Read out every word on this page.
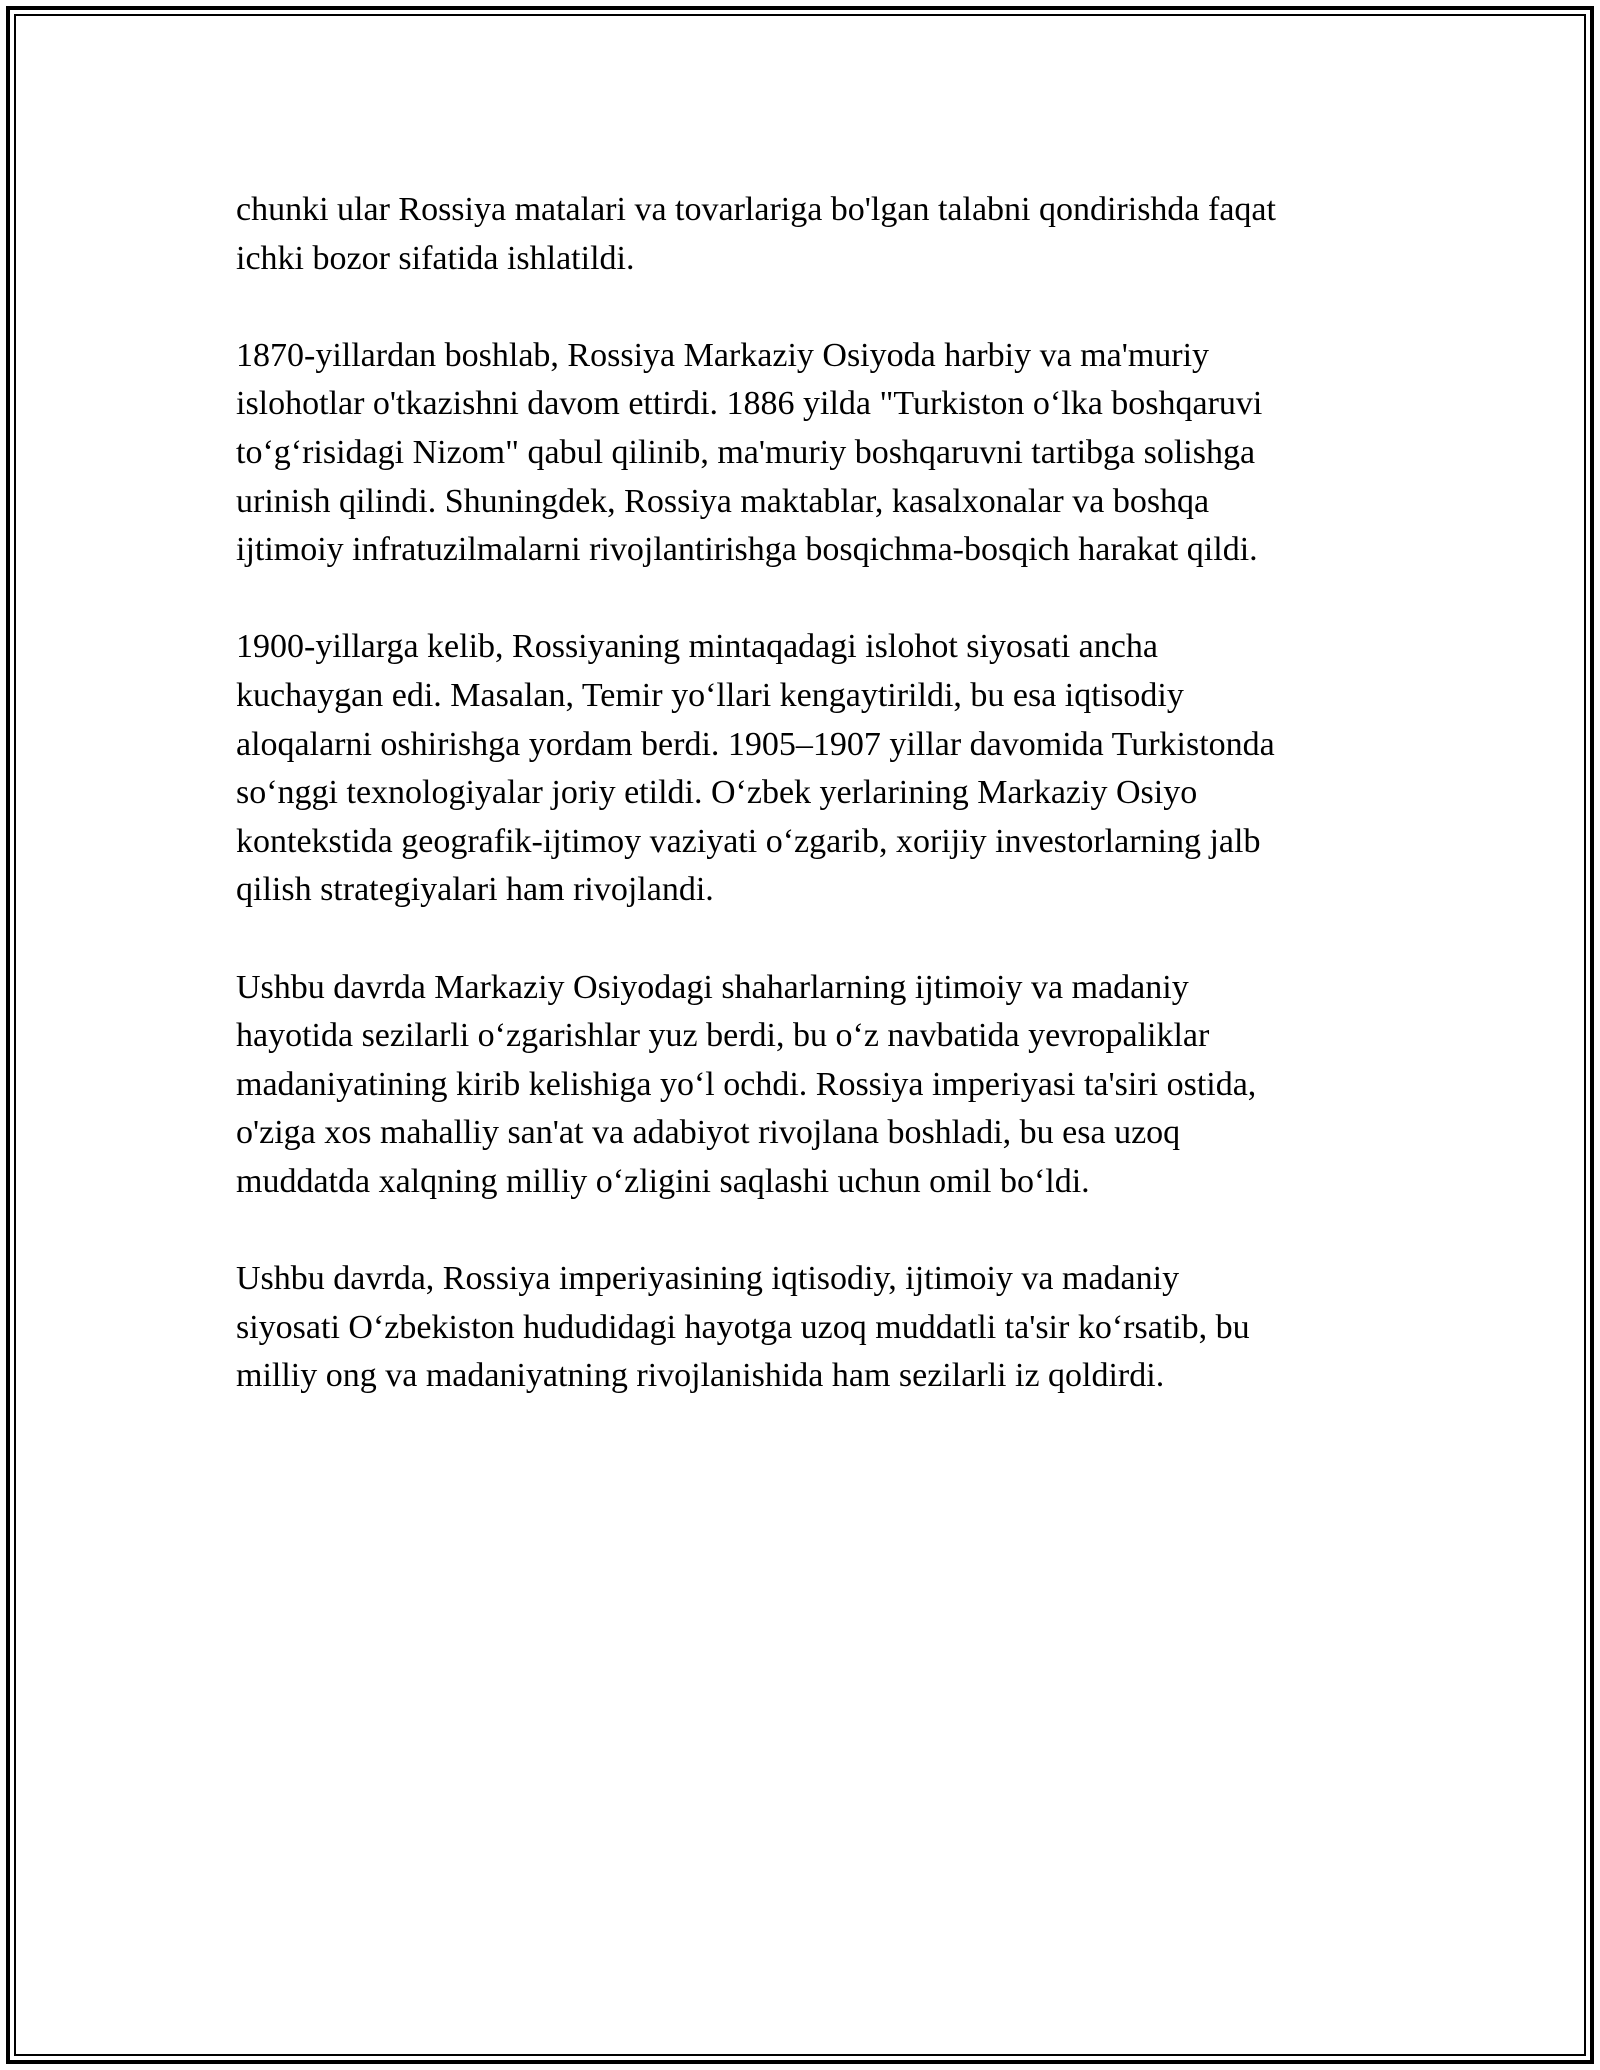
chunki ular Rossiya matalari va tovarlariga bo'lgan talabni qondirishda faqat
ichki bozor sifatida ishlatildi.

1870-yillardan boshlab, Rossiya Markaziy Osiyoda harbiy va ma'muriy
islohotlar o'tkazishni davom ettirdi. 1886 yilda "Turkiston o‘lka boshqaruvi
to‘g‘risidagi Nizom" qabul qilinib, ma'muriy boshqaruvni tartibga solishga
urinish qilindi. Shuningdek, Rossiya maktablar, kasalxonalar va boshqa
ijtimoiy infratuzilmalarni rivojlantirishga bosqichma-bosqich harakat qildi.

1900-yillarga kelib, Rossiyaning mintaqadagi islohot siyosati ancha
kuchaygan edi. Masalan, Temir yo‘llari kengaytirildi, bu esa iqtisodiy
aloqalarni oshirishga yordam berdi. 1905–1907 yillar davomida Turkistonda
so‘nggi texnologiyalar joriy etildi. O‘zbek yerlarining Markaziy Osiyo
kontekstida geografik-ijtimoy vaziyati o‘zgarib, xorijiy investorlarning jalb
qilish strategiyalari ham rivojlandi.

Ushbu davrda Markaziy Osiyodagi shaharlarning ijtimoiy va madaniy
hayotida sezilarli o‘zgarishlar yuz berdi, bu o‘z navbatida yevropaliklar
madaniyatining kirib kelishiga yo‘l ochdi. Rossiya imperiyasi ta'siri ostida,
o'ziga xos mahalliy san'at va adabiyot rivojlana boshladi, bu esa uzoq
muddatda xalqning milliy o‘zligini saqlashi uchun omil bo‘ldi.

Ushbu davrda, Rossiya imperiyasining iqtisodiy, ijtimoiy va madaniy
siyosati O‘zbekiston hududidagi hayotga uzoq muddatli ta'sir ko‘rsatib, bu
milliy ong va madaniyatning rivojlanishida ham sezilarli iz qoldirdi.
